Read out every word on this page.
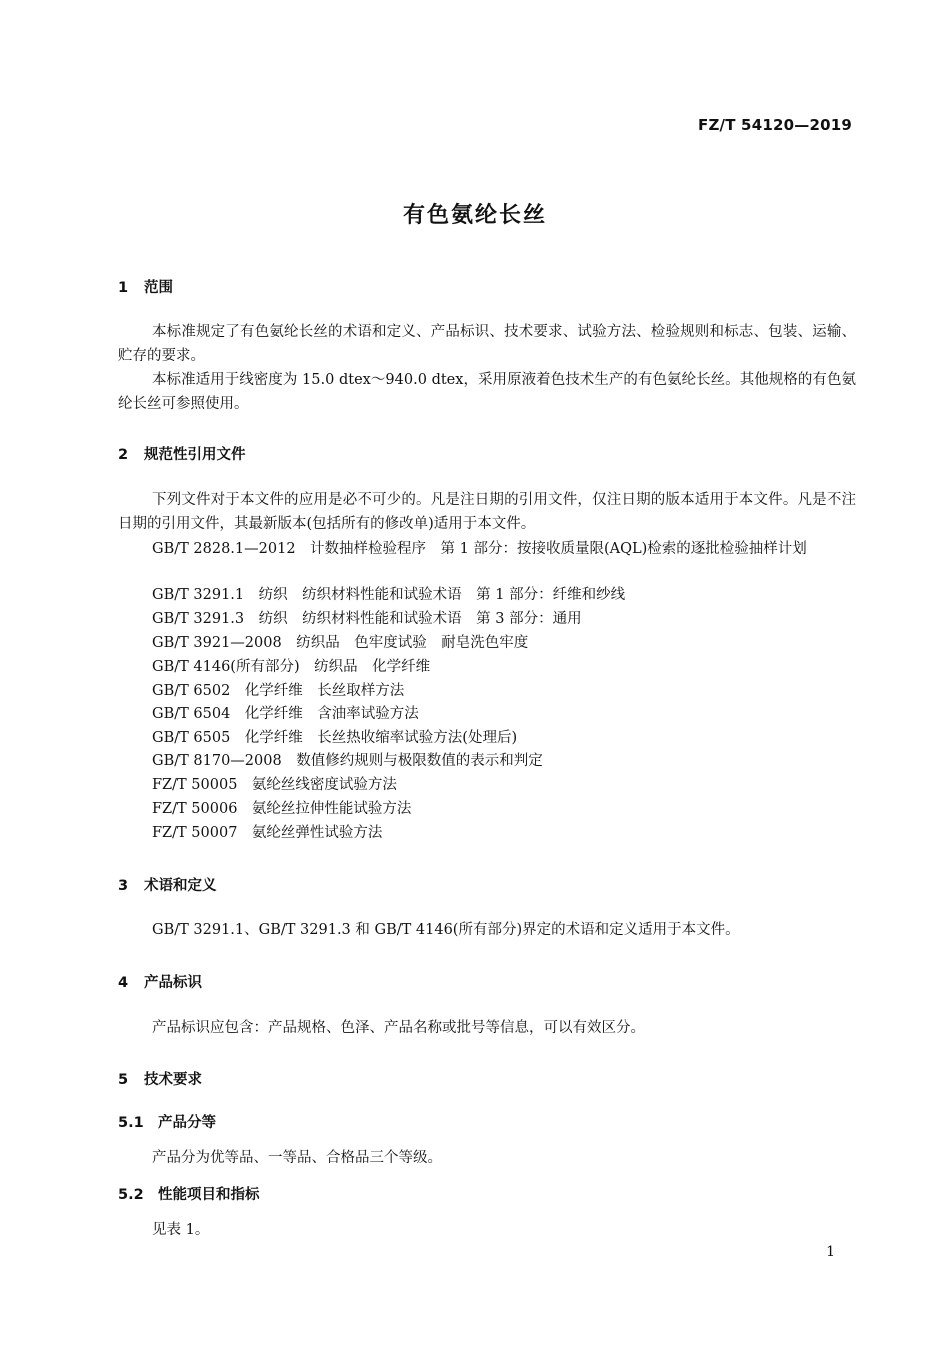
FZ/T 54120—2019
有色氨纶长丝
1 范围
本标准规定了有色氨纶长丝的术语和定义、产品标识、技术要求、试验方法、检验规则和标志、包装、运输、贮存的要求。
本标准适用于线密度为 15.0 dtex～940.0 dtex，采用原液着色技术生产的有色氨纶长丝。其他规格的有色氨纶长丝可参照使用。
2 规范性引用文件
下列文件对于本文件的应用是必不可少的。凡是注日期的引用文件，仅注日期的版本适用于本文件。凡是不注日期的引用文件，其最新版本(包括所有的修改单)适用于本文件。
GB/T 2828.1—2012　计数抽样检验程序　第 1 部分：按接收质量限(AQL)检索的逐批检验抽样计划
GB/T 3291.1　纺织　纺织材料性能和试验术语　第 1 部分：纤维和纱线
GB/T 3291.3　纺织　纺织材料性能和试验术语　第 3 部分：通用
GB/T 3921—2008　纺织品　色牢度试验　耐皂洗色牢度
GB/T 4146(所有部分)　纺织品　化学纤维
GB/T 6502　化学纤维　长丝取样方法
GB/T 6504　化学纤维　含油率试验方法
GB/T 6505　化学纤维　长丝热收缩率试验方法(处理后)
GB/T 8170—2008　数值修约规则与极限数值的表示和判定
FZ/T 50005　氨纶丝线密度试验方法
FZ/T 50006　氨纶丝拉伸性能试验方法
FZ/T 50007　氨纶丝弹性试验方法
3 术语和定义
GB/T 3291.1、GB/T 3291.3 和 GB/T 4146(所有部分)界定的术语和定义适用于本文件。
4 产品标识
产品标识应包含：产品规格、色泽、产品名称或批号等信息，可以有效区分。
5 技术要求
5.1 产品分等
产品分为优等品、一等品、合格品三个等级。
5.2 性能项目和指标
见表 1。
1
